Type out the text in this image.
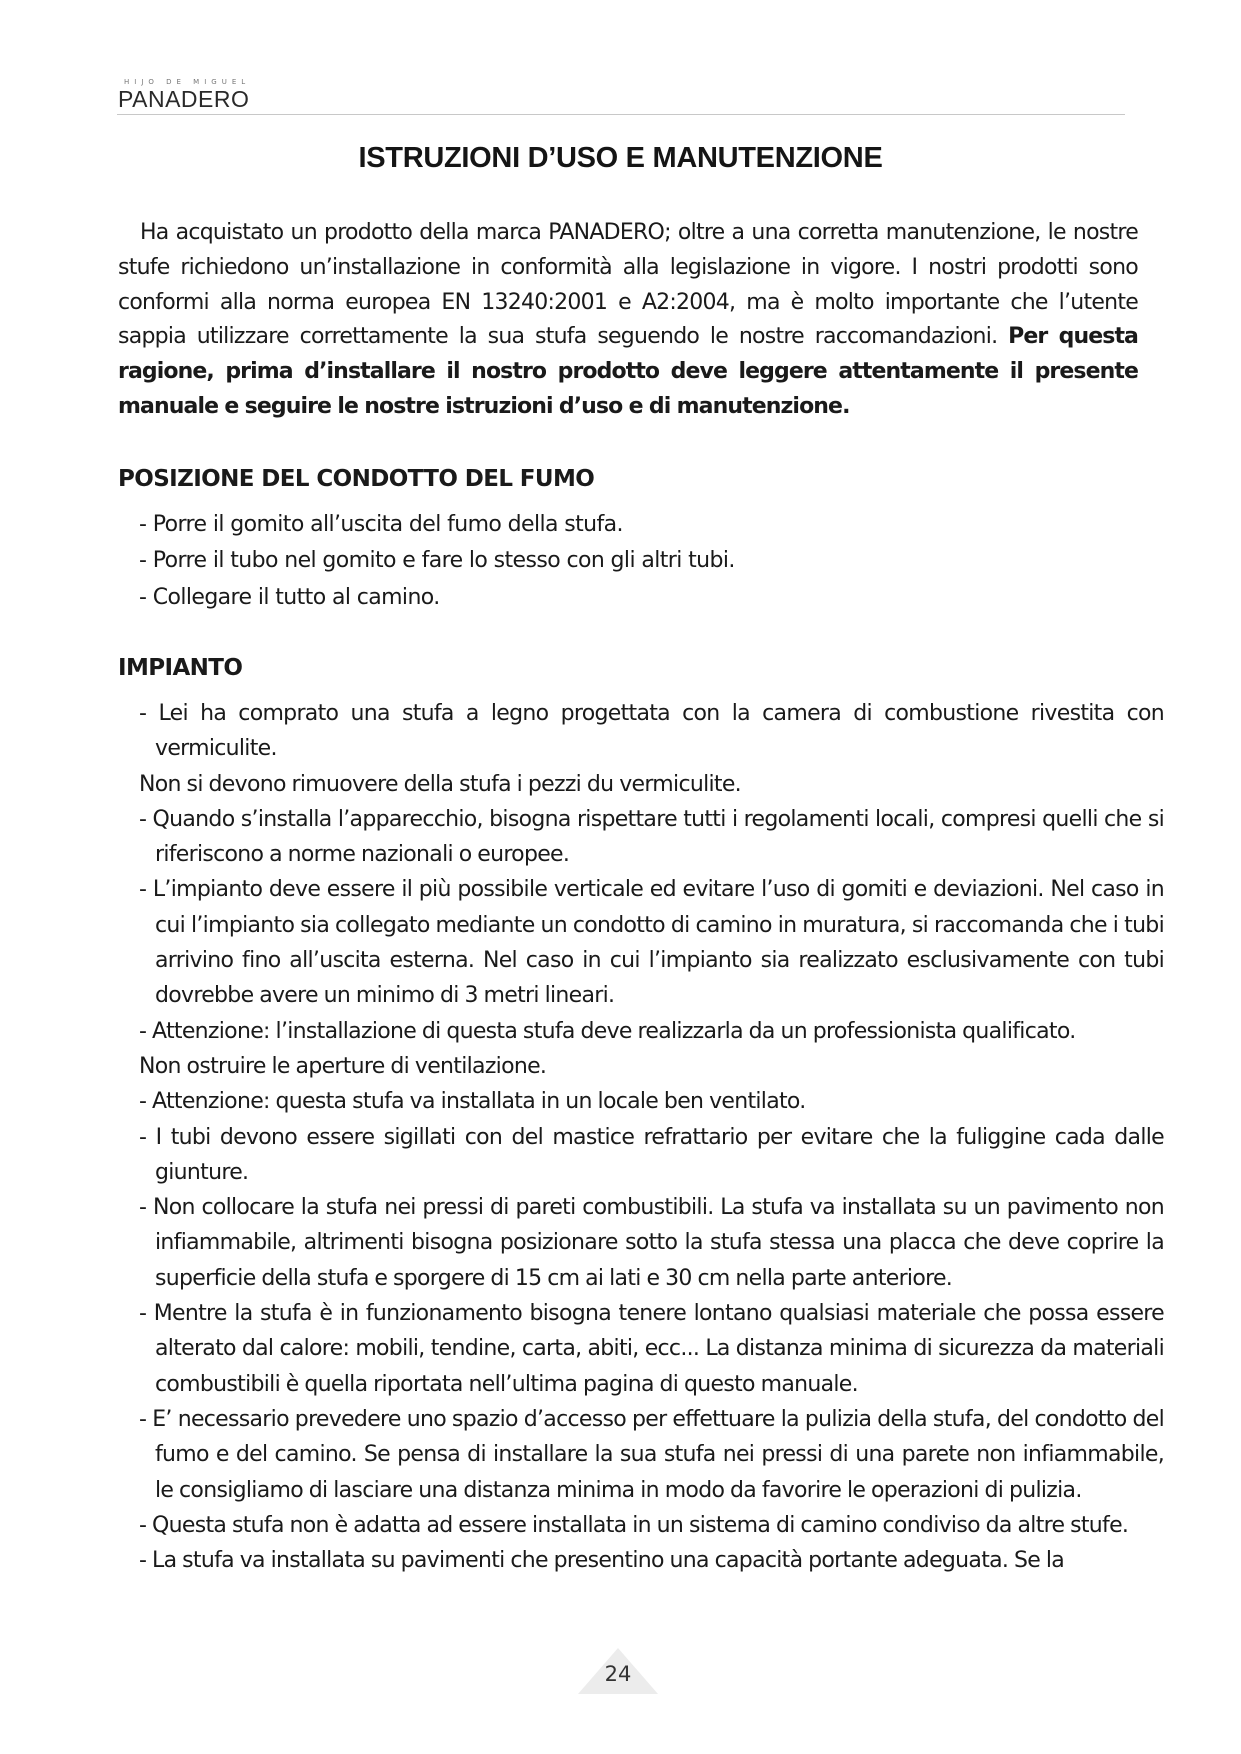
HIJO DE MIGUEL
PANADERO
ISTRUZIONI D’USO E MANUTENZIONE

Ha acquistato un prodotto della marca PANADERO; oltre a una corretta manutenzione, le nostre stufe richiedono un’installazione in conformità alla legislazione in vigore. I nostri prodotti sono conformi alla norma europea EN 13240:2001 e A2:2004, ma è molto importante che l’utente sappia utilizzare correttamente la sua stufa seguendo le nostre raccomandazioni. Per questa ragione, prima d’installare il nostro prodotto deve leggere attentamente il presente manuale e seguire le nostre istruzioni d’uso e di manutenzione.

POSIZIONE DEL CONDOTTO DEL FUMO
- Porre il gomito all’uscita del fumo della stufa.
- Porre il tubo nel gomito e fare lo stesso con gli altri tubi.
- Collegare il tutto al camino.
IMPIANTO
- Lei ha comprato una stufa a legno progettata con la camera di combustione rivestita con vermiculite.
Non si devono rimuovere della stufa i pezzi du vermiculite.
- Quando s’installa l’apparecchio, bisogna rispettare tutti i regolamenti locali, compresi quelli che si riferiscono a norme nazionali o europee.
- L’impianto deve essere il più possibile verticale ed evitare l’uso di gomiti e deviazioni. Nel caso in cui l’impianto sia collegato mediante un condotto di camino in muratura, si raccomanda che i tubi arrivino fino all’uscita esterna. Nel caso in cui l’impianto sia realizzato esclusivamente con tubi dovrebbe avere un minimo di 3 metri lineari.
- Attenzione: l’installazione di questa stufa deve realizzarla da un professionista qualificato.
Non ostruire le aperture di ventilazione.
- Attenzione: questa stufa va installata in un locale ben ventilato.
- I tubi devono essere sigillati con del mastice refrattario per evitare che la fuliggine cada dalle giunture.
- Non collocare la stufa nei pressi di pareti combustibili. La stufa va installata su un pavimento non infiammabile, altrimenti bisogna posizionare sotto la stufa stessa una placca che deve coprire la superficie della stufa e sporgere di 15 cm ai lati e 30 cm nella parte anteriore.
- Mentre la stufa è in funzionamento bisogna tenere lontano qualsiasi materiale che possa essere alterato dal calore: mobili, tendine, carta, abiti, ecc... La distanza minima di sicurezza da materiali combustibili è quella riportata nell’ultima pagina di questo manuale.
- E’ necessario prevedere uno spazio d’accesso per effettuare la pulizia della stufa, del condotto del fumo e del camino. Se pensa di installare la sua stufa nei pressi di una parete non infiammabile, le consigliamo di lasciare una distanza minima in modo da favorire le operazioni di pulizia.
- Questa stufa non è adatta ad essere installata in un sistema di camino condiviso da altre stufe.
- La stufa va installata su pavimenti che presentino una capacità portante adeguata. Se la
24
